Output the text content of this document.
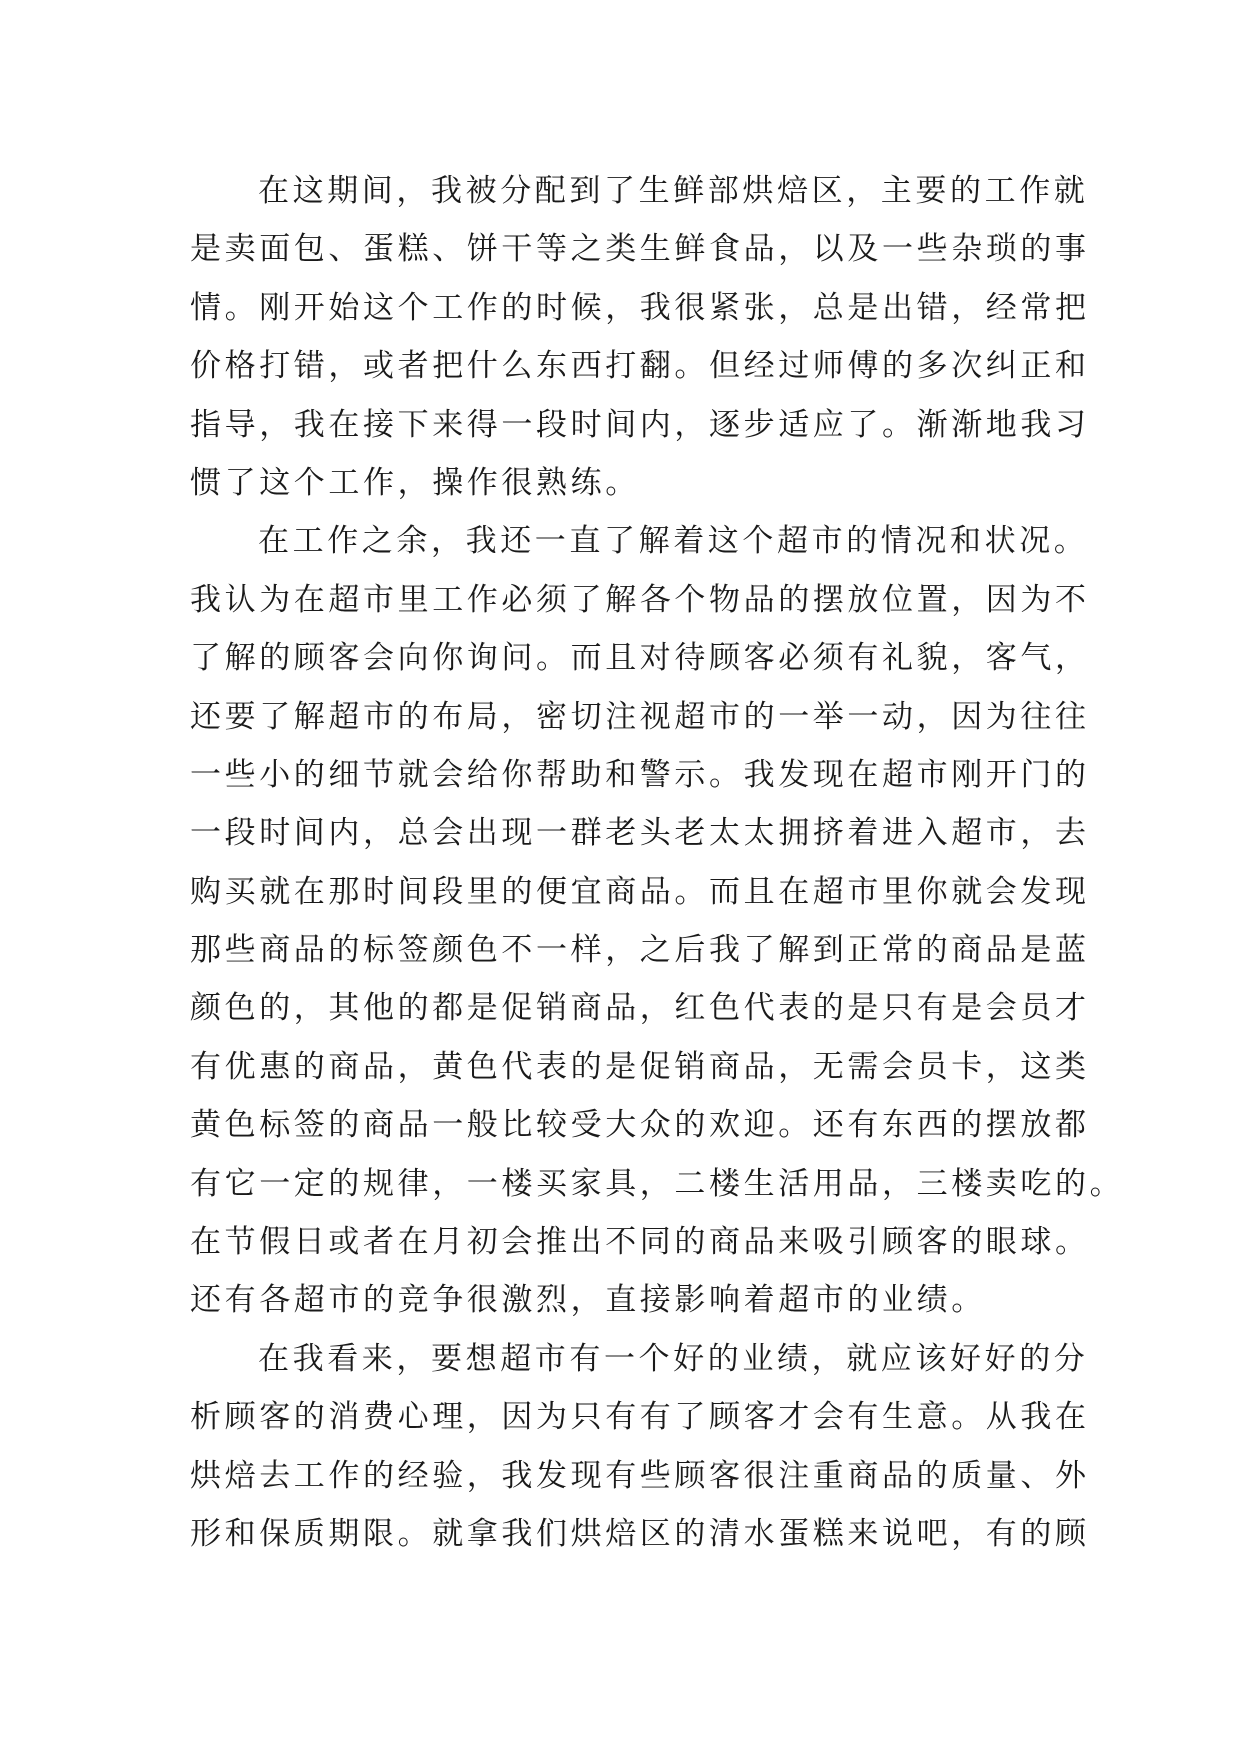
在这期间，我被分配到了生鲜部烘焙区，主要的工作就
是卖面包、蛋糕、饼干等之类生鲜食品，以及一些杂琐的事
情。刚开始这个工作的时候，我很紧张，总是出错，经常把
价格打错，或者把什么东西打翻。但经过师傅的多次纠正和
指导，我在接下来得一段时间内，逐步适应了。渐渐地我习
惯了这个工作，操作很熟练。
在工作之余，我还一直了解着这个超市的情况和状况。
我认为在超市里工作必须了解各个物品的摆放位置，因为不
了解的顾客会向你询问。而且对待顾客必须有礼貌，客气，
还要了解超市的布局，密切注视超市的一举一动，因为往往
一些小的细节就会给你帮助和警示。我发现在超市刚开门的
一段时间内，总会出现一群老头老太太拥挤着进入超市，去
购买就在那时间段里的便宜商品。而且在超市里你就会发现
那些商品的标签颜色不一样，之后我了解到正常的商品是蓝
颜色的，其他的都是促销商品，红色代表的是只有是会员才
有优惠的商品，黄色代表的是促销商品，无需会员卡，这类
黄色标签的商品一般比较受大众的欢迎。还有东西的摆放都
有它一定的规律，一楼买家具，二楼生活用品，三楼卖吃的。
在节假日或者在月初会推出不同的商品来吸引顾客的眼球。
还有各超市的竞争很激烈，直接影响着超市的业绩。
在我看来，要想超市有一个好的业绩，就应该好好的分
析顾客的消费心理，因为只有有了顾客才会有生意。从我在
烘焙去工作的经验，我发现有些顾客很注重商品的质量、外
形和保质期限。就拿我们烘焙区的清水蛋糕来说吧，有的顾
